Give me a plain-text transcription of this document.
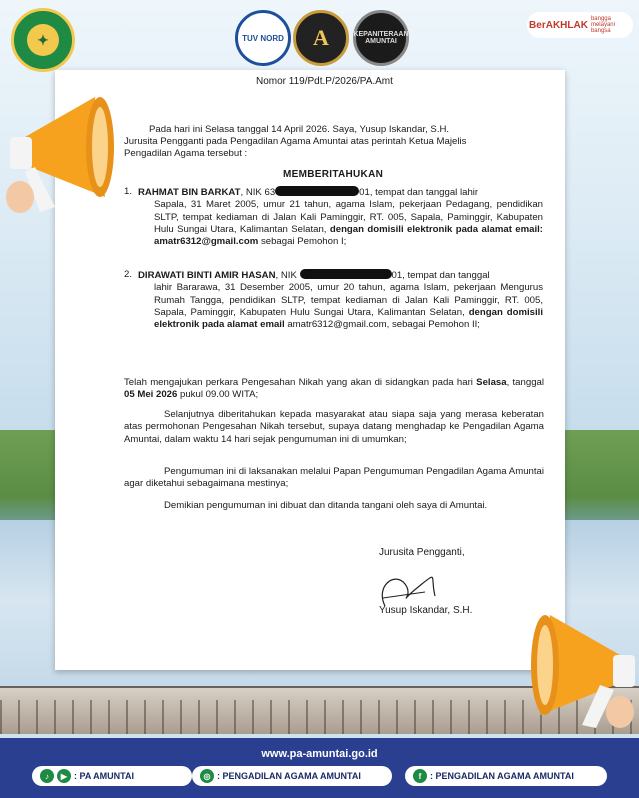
✦	TUV NORD A	KEPANITERAAN AMUNTAI
BerAKHLAK
bangga melayani bangsa
Nomor 119/Pdt.P/2026/PA.Amt
Pada hari ini Selasa tanggal 14 April 2026. Saya, Yusup Iskandar, S.H.
Jurusita Pengganti pada Pengadilan Agama Amuntai atas perintah Ketua Majelis
Pengadilan Agama tersebut :
MEMBERITAHUKAN
1. RAHMAT BIN BARKAT, NIK 63	01, tempat dan tanggal lahir
Sapala, 31 Maret 2005, umur 21 tahun, agama Islam, pekerjaan Pedagang, pendidikan SLTP, tempat kediaman di Jalan Kali Paminggir, RT. 005, Sapala, Paminggir, Kabupaten Hulu Sungai Utara, Kalimantan Selatan, dengan domisili elektronik pada alamat email: amatr6312@gmail.com sebagai Pemohon I;
2. DIRAWATI BINTI AMIR HASAN, NIK	01, tempat dan tanggal
lahir Bararawa, 31 Desember 2005, umur 20 tahun, agama Islam, pekerjaan Mengurus Rumah Tangga, pendidikan SLTP, tempat kediaman di Jalan Kali Paminggir, RT. 005, Sapala, Paminggir, Kabupaten Hulu Sungai Utara, Kalimantan Selatan, dengan domisili elektronik pada alamat email amatr6312@gmail.com, sebagai Pemohon II;
Telah mengajukan perkara Pengesahan Nikah yang akan di sidangkan pada hari Selasa, tanggal 05 Mei 2026 pukul 09.00 WITA;
Selanjutnya diberitahukan kepada masyarakat atau siapa saja yang merasa keberatan atas permohonan Pengesahan Nikah tersebut, supaya datang menghadap ke Pengadilan Agama Amuntai, dalam waktu 14 hari sejak pengumuman ini di umumkan;
Pengumuman ini di laksanakan melalui Papan Pengumuman Pengadilan Agama Amuntai agar diketahui sebagaimana mestinya;
Demikian pengumuman ini dibuat dan ditanda tangani oleh saya di Amuntai.
Jurusita Pengganti,
Yusup Iskandar, S.H.
www.pa-amuntai.go.id
♪	▶ : PA AMUNTAI	◎ : PENGADILAN AGAMA AMUNTAI	f : PENGADILAN AGAMA AMUNTAI
